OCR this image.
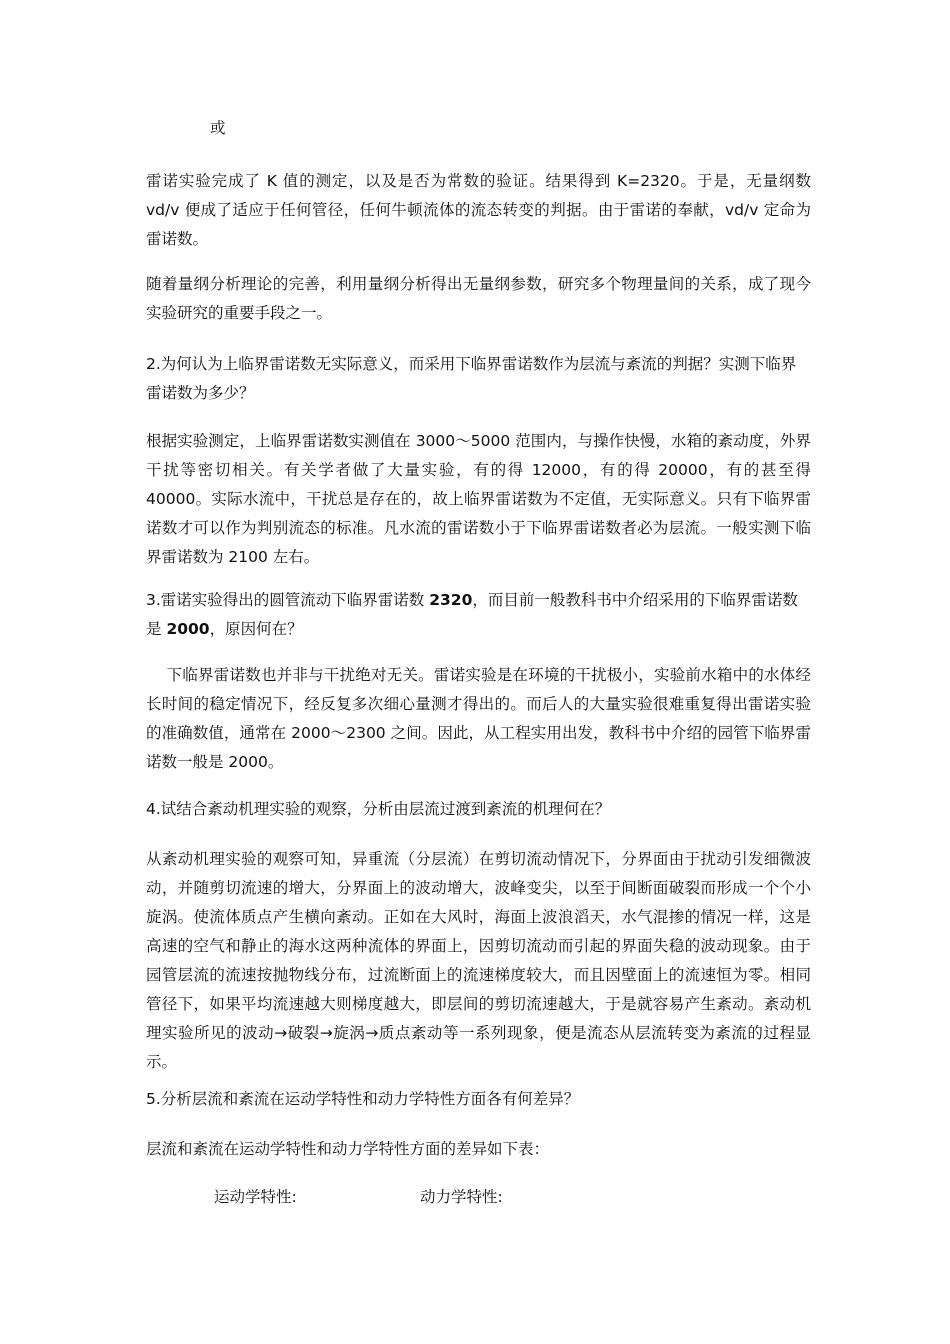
或
雷诺实验完成了 K 值的测定，以及是否为常数的验证。结果得到 K=2320。于是，无量纲数 vd/v 便成了适应于任何管径，任何牛顿流体的流态转变的判据。由于雷诺的奉献，vd/v 定命为雷诺数。
随着量纲分析理论的完善，利用量纲分析得出无量纲参数，研究多个物理量间的关系，成了现今实验研究的重要手段之一。
2.为何认为上临界雷诺数无实际意义，而采用下临界雷诺数作为层流与紊流的判据？实测下临界雷诺数为多少？
根据实验测定，上临界雷诺数实测值在 3000～5000 范围内，与操作快慢，水箱的紊动度，外界干扰等密切相关。有关学者做了大量实验，有的得 12000，有的得 20000，有的甚至得 40000。实际水流中，干扰总是存在的，故上临界雷诺数为不定值，无实际意义。只有下临界雷诺数才可以作为判别流态的标准。凡水流的雷诺数小于下临界雷诺数者必为层流。一般实测下临界雷诺数为 2100 左右。
3.雷诺实验得出的圆管流动下临界雷诺数 2320，而目前一般教科书中介绍采用的下临界雷诺数是 2000，原因何在？
下临界雷诺数也并非与干扰绝对无关。雷诺实验是在环境的干扰极小，实验前水箱中的水体经长时间的稳定情况下，经反复多次细心量测才得出的。而后人的大量实验很难重复得出雷诺实验的准确数值，通常在 2000～2300 之间。因此，从工程实用出发，教科书中介绍的园管下临界雷诺数一般是 2000。
4.试结合紊动机理实验的观察，分析由层流过渡到紊流的机理何在？
从紊动机理实验的观察可知，异重流（分层流）在剪切流动情况下，分界面由于扰动引发细微波动，并随剪切流速的增大，分界面上的波动增大，波峰变尖，以至于间断面破裂而形成一个个小旋涡。使流体质点产生横向紊动。正如在大风时，海面上波浪滔天，水气混掺的情况一样，这是高速的空气和静止的海水这两种流体的界面上，因剪切流动而引起的界面失稳的波动现象。由于园管层流的流速按抛物线分布，过流断面上的流速梯度较大，而且因壁面上的流速恒为零。相同管径下，如果平均流速越大则梯度越大，即层间的剪切流速越大，于是就容易产生紊动。紊动机理实验所见的波动→破裂→旋涡→质点紊动等一系列现象，便是流态从层流转变为紊流的过程显示。
5.分析层流和紊流在运动学特性和动力学特性方面各有何差异？
层流和紊流在运动学特性和动力学特性方面的差异如下表：
运动学特性:	动力学特性:
